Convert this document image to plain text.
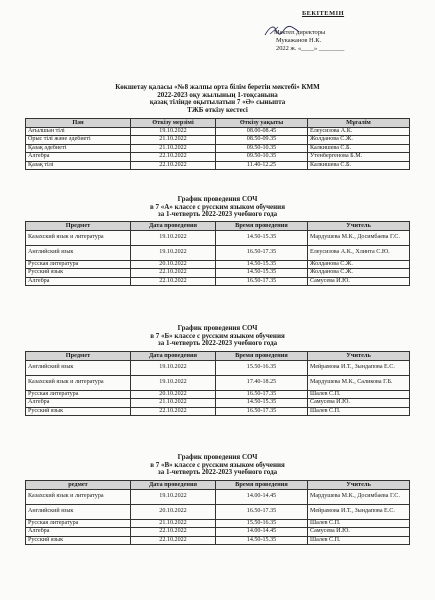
БЕКІТЕМІН
Мектеп директоры
Мукажанов Н.К.
2022 ж. «____» ________
Көкшетау қаласы «№8 жалпы орта білім беретін мектебі» КММ
2022-2023 оқу жылының 1-тоқсанына
қазақ тілінде оқытылатын 7 «Ә» сыныпта
ТЖБ өткізу кестесі
Пән	Өткізу мерзімі	Өткізу уақыты	Мұғалім
Ағылшын тілі	19.10.2022	08.00-08.45	Елеусизова А.К.
Орыс тілі және әдебиеті	21.10.2022	08.50-09.35	Жолданова С.Ж.
Қазақ әдебиеті	21.10.2022	09.50-10.35	Калкишева С.Б.
Алгебра	22.10.2022	09.50-10.35	Утенбергенова Б.М.
Қазақ тілі	22.10.2022	11.40-12.25	Калкишева С.Б.
График проведения СОЧ
в 7 «А» классе с русским языком обучения
за 1-четверть 2022-2023 учебного года
Предмет	Дата проведения	Время проведения	Учитель
Казахский язык и литература	19.10.2022	14.50-15.35	Мардушева М.К., Досимбаева Г.С.
Английский язык	19.10.2022	16.50-17.35	Елеусизова А.К., Хлинта С.Ю.
Русская литература	20.10.2022	14.50-15.35	Жолданова С.Ж.
Русский язык	22.10.2022	14.50-15.35	Жолданова С.Ж.
Алгебра	22.10.2022	16.50-17.35	Самусева И.Ю.
График проведения СОЧ
в 7 «Б» классе с русским языком обучения
за 1-четверть 2022-2023 учебного года
Предмет	Дата проведения	Время проведения	Учитель
Английский язык	19.10.2022	15.50-16.35	Мейрамова И.Т., Зындапова Е.С.
Казахский язык и литература	19.10.2022	17.40-18.25	Мардушева М.К., Саликова Г.Б.
Русская литература	20.10.2022	16.50-17.35	Шалев С.П.
Алгебра	21.10.2022	14.50-15.35	Самусева И.Ю.
Русский язык	22.10.2022	16.50-17.35	Шалев С.П.
График проведения СОЧ
в 7 «В» классе с русским языком обучения
за 1-четверть 2022-2023 учебного года
редмет	Дата проведения	Время проведения	Учитель
Казахский язык и литература	19.10.2022	14.00-14.45	Мардушева М.К., Досимбаева Г.С.
Английский язык	20.10.2022	16.50-17.35	Мейрамова И.Т., Зындапова Е.С.
Русская литература	21.10.2022	15.50-16.35	Шалев С.П.
Алгебра	22.10.2022	14.00-14.45	Самусева И.Ю.
Русский язык	22.10.2022	14.50-15.35	Шалев С.П.
